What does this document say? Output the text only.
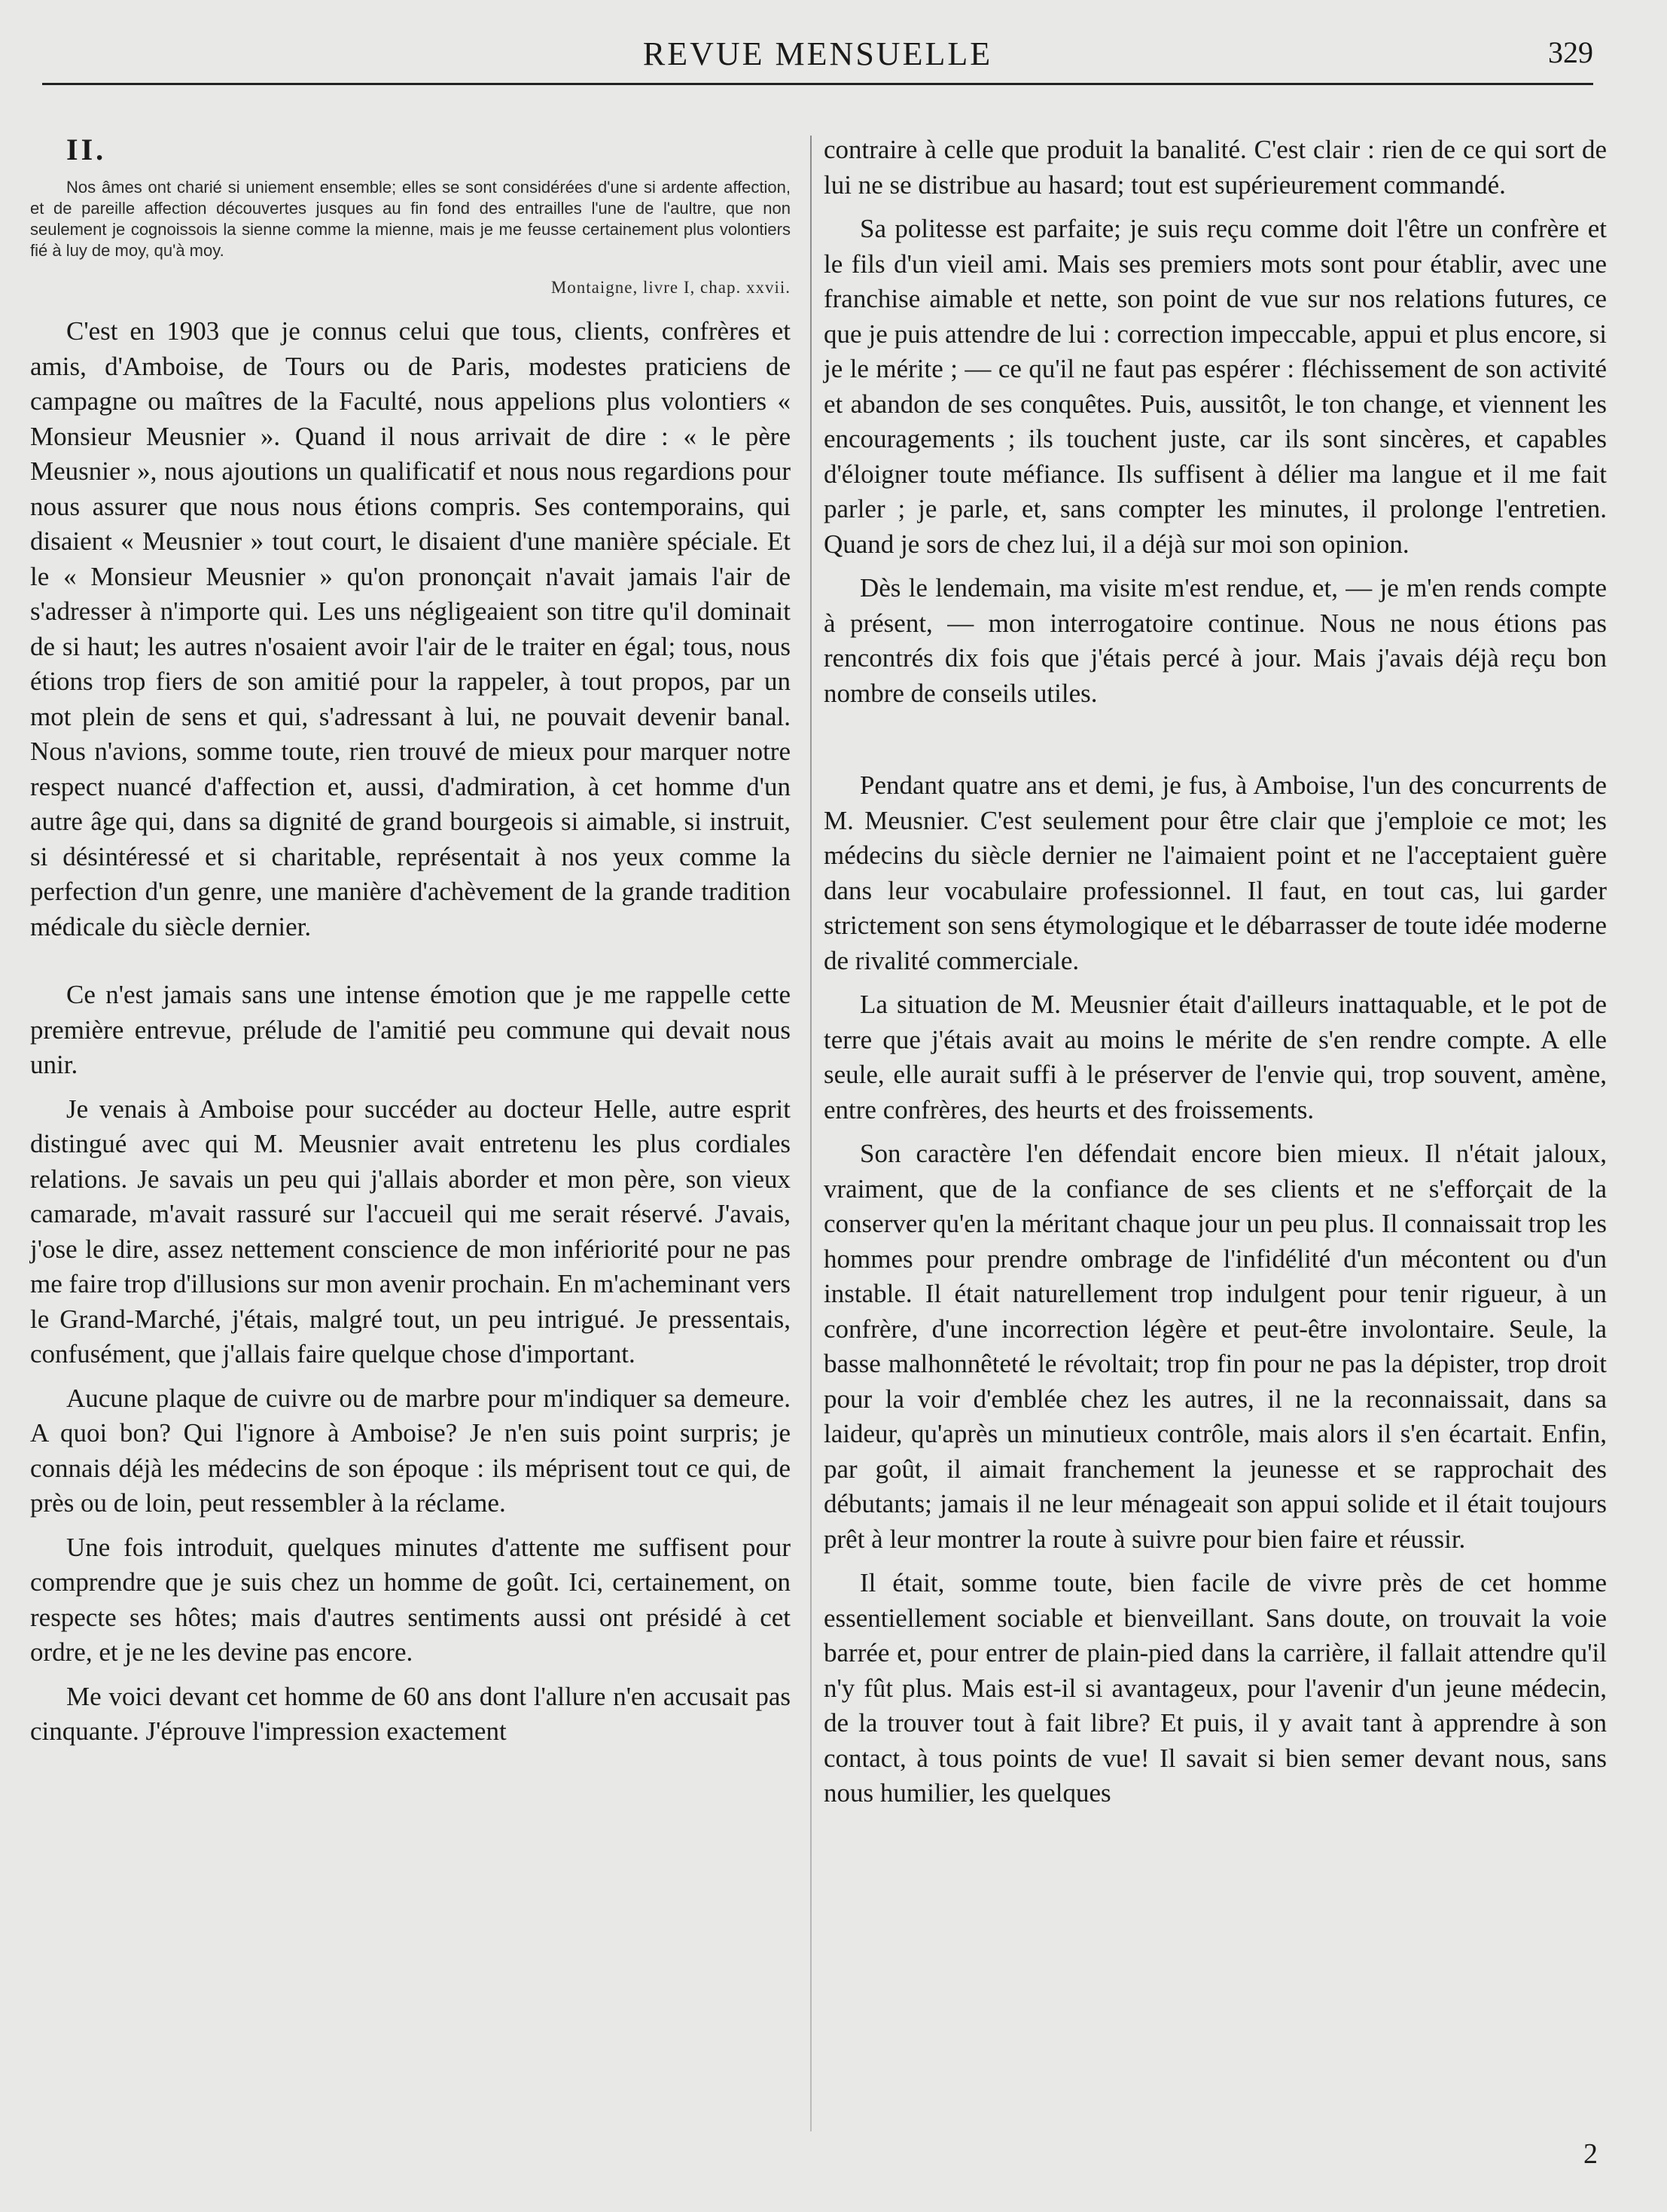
REVUE MENSUELLE	329

II.

Nos âmes ont charié si uniement ensemble; elles se sont considérées d'une si ardente affection, et de pareille affection découvertes jusques au fin fond des entrailles l'une de l'aultre, que non seulement je cognoissois la sienne comme la mienne, mais je me feusse certainement plus volontiers fié à luy de moy, qu'à moy.

Montaigne, livre I, chap. xxvii.

C'est en 1903 que je connus celui que tous, clients, confrères et amis, d'Amboise, de Tours ou de Paris, modestes praticiens de campagne ou maîtres de la Faculté, nous appelions plus volontiers « Monsieur Meusnier ». Quand il nous arrivait de dire : « le père Meusnier », nous ajoutions un qualificatif et nous nous regardions pour nous assurer que nous nous étions compris. Ses contemporains, qui disaient « Meusnier » tout court, le disaient d'une manière spéciale. Et le « Monsieur Meusnier » qu'on prononçait n'avait jamais l'air de s'adresser à n'importe qui. Les uns négligeaient son titre qu'il dominait de si haut; les autres n'osaient avoir l'air de le traiter en égal; tous, nous étions trop fiers de son amitié pour la rappeler, à tout propos, par un mot plein de sens et qui, s'adressant à lui, ne pouvait devenir banal. Nous n'avions, somme toute, rien trouvé de mieux pour marquer notre respect nuancé d'affection et, aussi, d'admiration, à cet homme d'un autre âge qui, dans sa dignité de grand bourgeois si aimable, si instruit, si désintéressé et si charitable, représentait à nos yeux comme la perfection d'un genre, une manière d'achèvement de la grande tradition médicale du siècle dernier.

Ce n'est jamais sans une intense émotion que je me rappelle cette première entrevue, prélude de l'amitié peu commune qui devait nous unir.

Je venais à Amboise pour succéder au docteur Helle, autre esprit distingué avec qui M. Meusnier avait entretenu les plus cordiales relations. Je savais un peu qui j'allais aborder et mon père, son vieux camarade, m'avait rassuré sur l'accueil qui me serait réservé. J'avais, j'ose le dire, assez nettement conscience de mon infériorité pour ne pas me faire trop d'illusions sur mon avenir prochain. En m'acheminant vers le Grand-Marché, j'étais, malgré tout, un peu intrigué. Je pressentais, confusément, que j'allais faire quelque chose d'important.

Aucune plaque de cuivre ou de marbre pour m'indiquer sa demeure. A quoi bon? Qui l'ignore à Amboise? Je n'en suis point surpris; je connais déjà les médecins de son époque : ils méprisent tout ce qui, de près ou de loin, peut ressembler à la réclame.

Une fois introduit, quelques minutes d'attente me suffisent pour comprendre que je suis chez un homme de goût. Ici, certainement, on respecte ses hôtes; mais d'autres sentiments aussi ont présidé à cet ordre, et je ne les devine pas encore.

Me voici devant cet homme de 60 ans dont l'allure n'en accusait pas cinquante. J'éprouve l'impression exactement

contraire à celle que produit la banalité. C'est clair : rien de ce qui sort de lui ne se distribue au hasard; tout est supérieurement commandé.

Sa politesse est parfaite; je suis reçu comme doit l'être un confrère et le fils d'un vieil ami. Mais ses premiers mots sont pour établir, avec une franchise aimable et nette, son point de vue sur nos relations futures, ce que je puis attendre de lui : correction impeccable, appui et plus encore, si je le mérite ; — ce qu'il ne faut pas espérer : fléchissement de son activité et abandon de ses conquêtes. Puis, aussitôt, le ton change, et viennent les encouragements ; ils touchent juste, car ils sont sincères, et capables d'éloigner toute méfiance. Ils suffisent à délier ma langue et il me fait parler ; je parle, et, sans compter les minutes, il prolonge l'entretien. Quand je sors de chez lui, il a déjà sur moi son opinion.

Dès le lendemain, ma visite m'est rendue, et, — je m'en rends compte à présent, — mon interrogatoire continue. Nous ne nous étions pas rencontrés dix fois que j'étais percé à jour. Mais j'avais déjà reçu bon nombre de conseils utiles.

Pendant quatre ans et demi, je fus, à Amboise, l'un des concurrents de M. Meusnier. C'est seulement pour être clair que j'emploie ce mot; les médecins du siècle dernier ne l'aimaient point et ne l'acceptaient guère dans leur vocabulaire professionnel. Il faut, en tout cas, lui garder strictement son sens étymologique et le débarrasser de toute idée moderne de rivalité commerciale.

La situation de M. Meusnier était d'ailleurs inattaquable, et le pot de terre que j'étais avait au moins le mérite de s'en rendre compte. A elle seule, elle aurait suffi à le préserver de l'envie qui, trop souvent, amène, entre confrères, des heurts et des froissements.

Son caractère l'en défendait encore bien mieux. Il n'était jaloux, vraiment, que de la confiance de ses clients et ne s'efforçait de la conserver qu'en la méritant chaque jour un peu plus. Il connaissait trop les hommes pour prendre ombrage de l'infidélité d'un mécontent ou d'un instable. Il était naturellement trop indulgent pour tenir rigueur, à un confrère, d'une incorrection légère et peut-être involontaire. Seule, la basse malhonnêteté le révoltait; trop fin pour ne pas la dépister, trop droit pour la voir d'emblée chez les autres, il ne la reconnaissait, dans sa laideur, qu'après un minutieux contrôle, mais alors il s'en écartait. Enfin, par goût, il aimait franchement la jeunesse et se rapprochait des débutants; jamais il ne leur ménageait son appui solide et il était toujours prêt à leur montrer la route à suivre pour bien faire et réussir.

Il était, somme toute, bien facile de vivre près de cet homme essentiellement sociable et bienveillant. Sans doute, on trouvait la voie barrée et, pour entrer de plain-pied dans la carrière, il fallait attendre qu'il n'y fût plus. Mais est-il si avantageux, pour l'avenir d'un jeune médecin, de la trouver tout à fait libre? Et puis, il y avait tant à apprendre à son contact, à tous points de vue! Il savait si bien semer devant nous, sans nous humilier, les quelques

2
